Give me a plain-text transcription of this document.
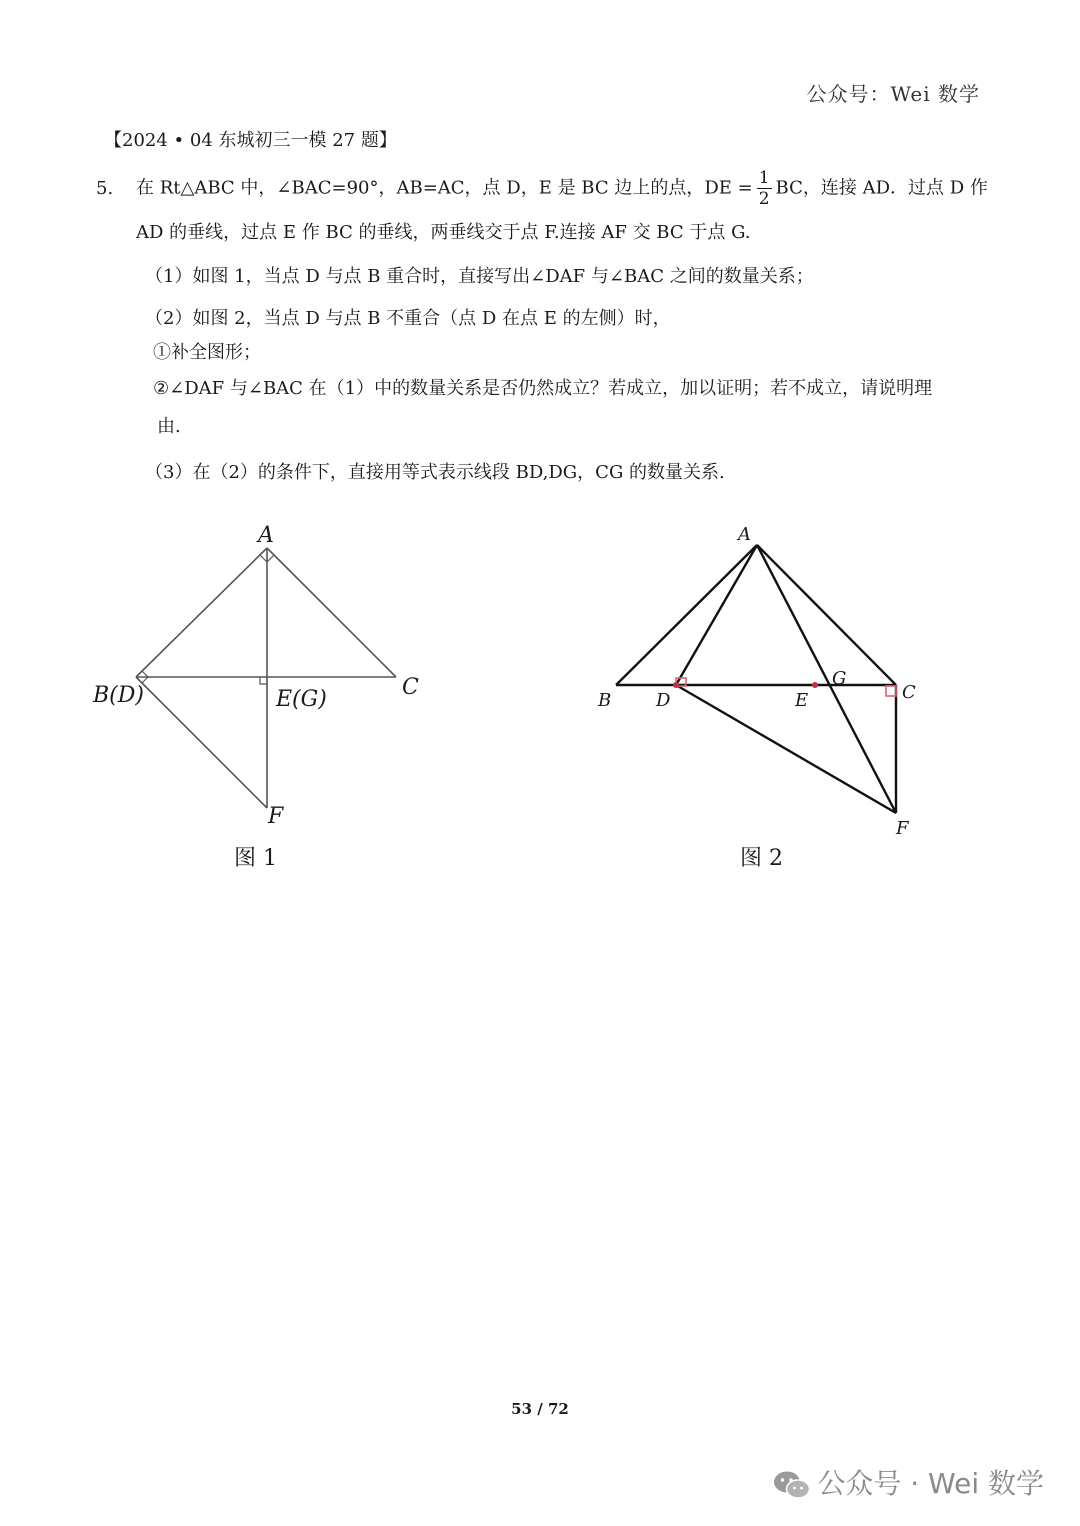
公众号：Wei 数学
【2024 • 04 东城初三一模 27 题】
5. 在 Rt△ABC 中，∠BAC=90°，AB=AC，点 D，E 是 BC 边上的点，DE = $\frac{1}{2}$ BC，连接 AD．过点 D 作
AD 的垂线，过点 E 作 BC 的垂线，两垂线交于点 F.连接 AF 交 BC 于点 G.
（1）如图 1，当点 D 与点 B 重合时，直接写出∠DAF 与∠BAC 之间的数量关系；
（2）如图 2，当点 D 与点 B 不重合（点 D 在点 E 的左侧）时，
①补全图形；
②∠DAF 与∠BAC 在（1）中的数量关系是否仍然成立？若成立，加以证明；若不成立，请说明理
由.
（3）在（2）的条件下，直接用等式表示线段 BD,DG，CG 的数量关系.
A
B(D)	E(G)	C
F
图 1
A
B D	E
G
C
F
图 2
53 / 72
公众号 · Wei 数学
